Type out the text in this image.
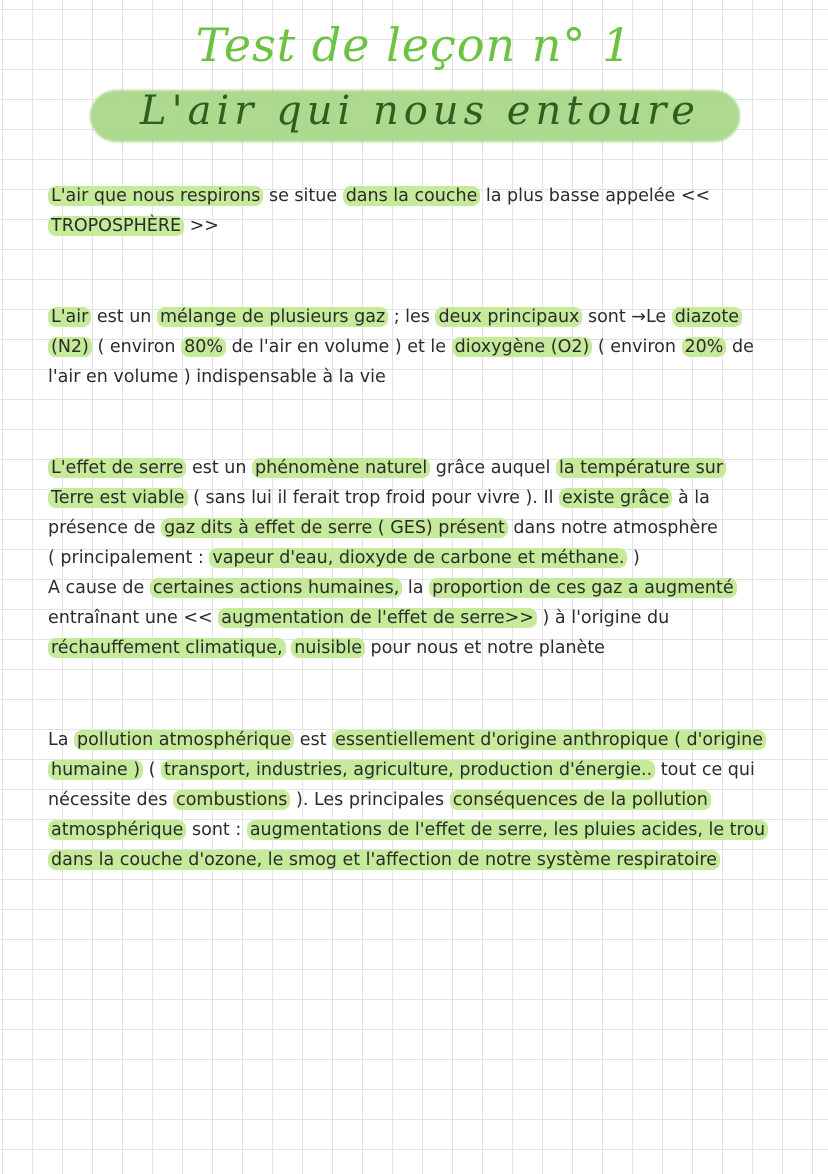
Test de leçon n° 1
L'air qui nous entoure

L'air que nous respirons se situe dans la couche la plus basse appelée <<
TROPOSPHÈRE >>

L'air est un mélange de plusieurs gaz ; les deux principaux sont →Le diazote
(N2) ( environ 80% de l'air en volume ) et le dioxygène (O2) ( environ 20% de
l'air en volume ) indispensable à la vie

L'effet de serre est un phénomène naturel grâce auquel la température sur
Terre est viable ( sans lui il ferait trop froid pour vivre ). Il existe grâce à la
présence de gaz dits à effet de serre ( GES) présent dans notre atmosphère
( principalement : vapeur d'eau, dioxyde de carbone et méthane. )
A cause de certaines actions humaines, la proportion de ces gaz a augmenté
entraînant une << augmentation de l'effet de serre>> ) à l'origine du
réchauffement climatique, nuisible pour nous et notre planète

La pollution atmosphérique est essentiellement d'origine anthropique ( d'origine
humaine ) ( transport, industries, agriculture, production d'énergie.. tout ce qui
nécessite des combustions ). Les principales conséquences de la pollution
atmosphérique sont : augmentations de l'effet de serre, les pluies acides, le trou
dans la couche d'ozone, le smog et l'affection de notre système respiratoire
